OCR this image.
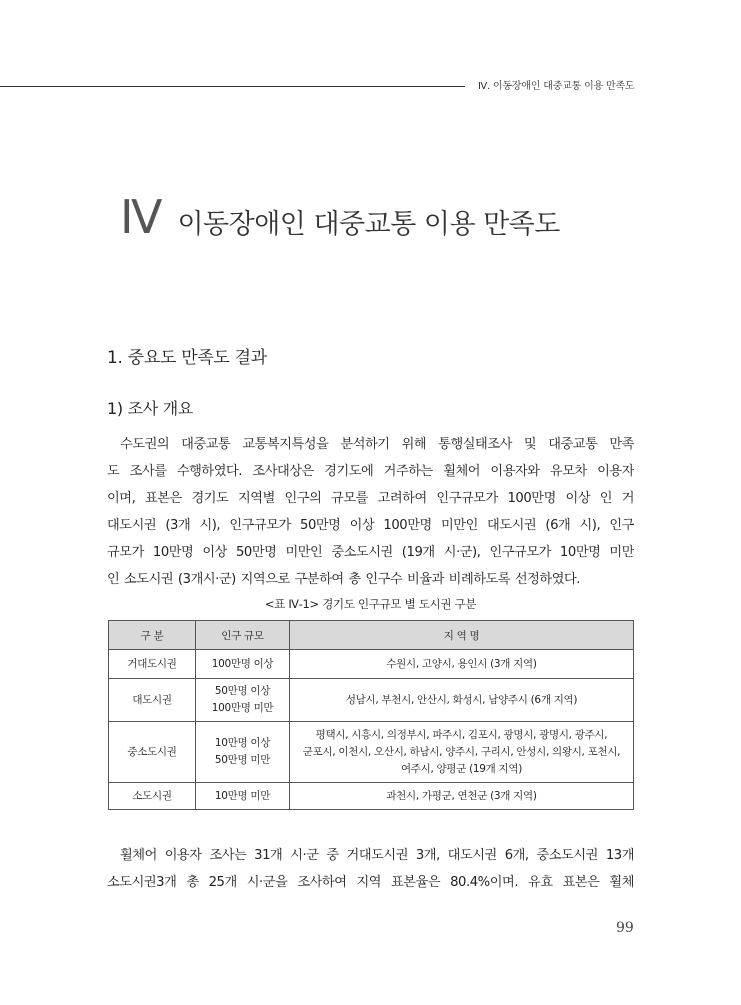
Ⅳ. 이동장애인 대중교통 이용 만족도
Ⅳ 이동장애인 대중교통 이용 만족도
1. 중요도 만족도 결과
1) 조사 개요
수도권의 대중교통 교통복지특성을 분석하기 위해 통행실태조사 및 대중교통 만족
도 조사를 수행하였다. 조사대상은 경기도에 거주하는 휠체어 이용자와 유모차 이용자
이며, 표본은 경기도 지역별 인구의 규모를 고려하여 인구규모가 100만명 이상 인 거
대도시권 (3개 시), 인구규모가 50만명 이상 100만명 미만인 대도시권 (6개 시), 인구
규모가 10만명 이상 50만명 미만인 중소도시권 (19개 시·군), 인구규모가 10만명 미만
인 소도시권 (3개시·군) 지역으로 구분하여 총 인구수 비율과 비례하도록 선정하였다.
<표 Ⅳ-1> 경기도 인구규모 별 도시권 구분
구 분	인구 규모	지 역 명
거대도시권	100만명 이상	수원시, 고양시, 용인시 (3개 지역)

대도시권	50만명 이상
100만명 미만	성남시, 부천시, 안산시, 화성시, 남양주시 (6개 지역)

중소도시권	10만명 이상
50만명 미만	평택시, 시흥시, 의정부시, 파주시, 김포시, 광명시, 광명시, 광주시,
군포시, 이천시, 오산시, 하남시, 양주시, 구리시, 안성시, 의왕시, 포천시,
여주시, 양평군 (19개 지역)

소도시권	10만명 미만	과천시, 가평군, 연천군 (3개 지역)
휠체어 이용자 조사는 31개 시·군 중 거대도시권 3개, 대도시권 6개, 중소도시권 13개
소도시권3개 총 25개 시·군을 조사하여 지역 표본율은 80.4%이며. 유효 표본은 휠체
99
